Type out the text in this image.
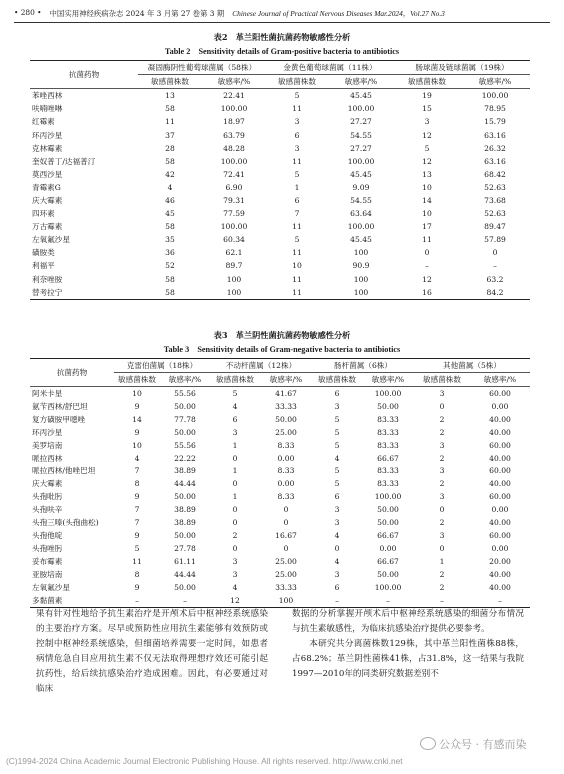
• 280 • 中国实用神经疾病杂志 2024 年 3 月第 27 卷第 3 期 Chinese Journal of Practical Nervous Diseases Mar.2024，Vol.27 No.3
表2　革兰阳性菌抗菌药物敏感性分析
Table 2　Sensitivity details of Gram-positive bacteria to antibiotics
抗菌药物	凝固酶阴性葡萄球菌属（58株）		金黄色葡萄球菌属（11株）		肠球菌及链球菌属（19株）	
	敏感菌株数	敏感率/%	敏感菌株数	敏感率/%	敏感菌株数	敏感率/%
苯唑西林	13	22.41	5	45.45	19	100.00
呋喃唑啉	58	100.00	11	100.00	15	78.95
红霉素	11	18.97	3	27.27	3	15.79
环丙沙星	37	63.79	6	54.55	12	63.16
克林霉素	28	48.28	3	27.27	5	26.32
奎奴普丁/达福普汀	58	100.00	11	100.00	12	63.16
莫西沙星	42	72.41	5	45.45	13	68.42
青霉素G	4	6.90	1	9.09	10	52.63
庆大霉素	46	79.31	6	54.55	14	73.68
四环素	45	77.59	7	63.64	10	52.63
万古霉素	58	100.00	11	100.00	17	89.47
左氧氟沙星	35	60.34	5	45.45	11	57.89
磺胺类	36	62.1	11	100	0	0
利福平	52	89.7	10	90.9	–	–
利奈唑胺	58	100	11	100	12	63.2
替考拉宁	58	100	11	100	16	84.2
表3　革兰阴性菌抗菌药物敏感性分析
Table 3　Sensitivity details of Gram-negative bacteria to antibiotics
抗菌药物	克雷伯菌属（18株）		不动杆菌属（12株）		肠杆菌属（6株）		其他菌属（5株）	
	敏感菌株数	敏感率/%	敏感菌株数	敏感率/%	敏感菌株数	敏感率/%	敏感菌株数	敏感率/%
阿米卡星	10	55.56	5	41.67	6	100.00	3	60.00
氨苄西林/舒巴坦	9	50.00	4	33.33	3	50.00	0	0.00
复方磺胺甲噁唑	14	77.78	6	50.00	5	83.33	2	40.00
环丙沙星	9	50.00	3	25.00	5	83.33	2	40.00
美罗培南	10	55.56	1	8.33	5	83.33	3	60.00
哌拉西林	4	22.22	0	0.00	4	66.67	2	40.00
哌拉西林/他唑巴坦	7	38.89	1	8.33	5	83.33	3	60.00
庆大霉素	8	44.44	0	0.00	5	83.33	2	40.00
头孢吡肟	9	50.00	1	8.33	6	100.00	3	60.00
头孢呋辛	7	38.89	0	0	3	50.00	0	0.00
头孢三嗪(头孢曲松)	7	38.89	0	0	3	50.00	2	40.00
头孢他啶	9	50.00	2	16.67	4	66.67	3	60.00
头孢唑肟	5	27.78	0	0	0	0.00	0	0.00
妥布霉素	11	61.11	3	25.00	4	66.67	1	20.00
亚胺培南	8	44.44	3	25.00	3	50.00	2	40.00
左氧氟沙星	9	50.00	4	33.33	6	100.00	2	40.00
多黏菌素	–	–	12	100	–	–	–	–

果有针对性地给予抗生素治疗是开颅术后中枢神经系统感染的主要治疗方案。尽早或预防性应用抗生素能够有效预防或控制中枢神经系统感染，但细菌培养需要一定时间，如患者病情危急自目应用抗生素不仅无法取得理想疗效还可能引起抗药性，给后续抗感染治疗造成困难。因此，有必要通过对临床

数据的分析掌握开颅术后中枢神经系统感染的细菌分布情况与抗生素敏感性，为临床抗感染治疗提供必要参考。

本研究共分离菌株数129株，其中革兰阳性菌株88株，占68.2%；革兰阴性菌株41株，占31.8%，这一结果与我院1997—2010年的同类研究数据差别不

公众号 · 有感而染
(C)1994-2024 China Academic Journal Electronic Publishing House. All rights reserved. http://www.cnki.net
